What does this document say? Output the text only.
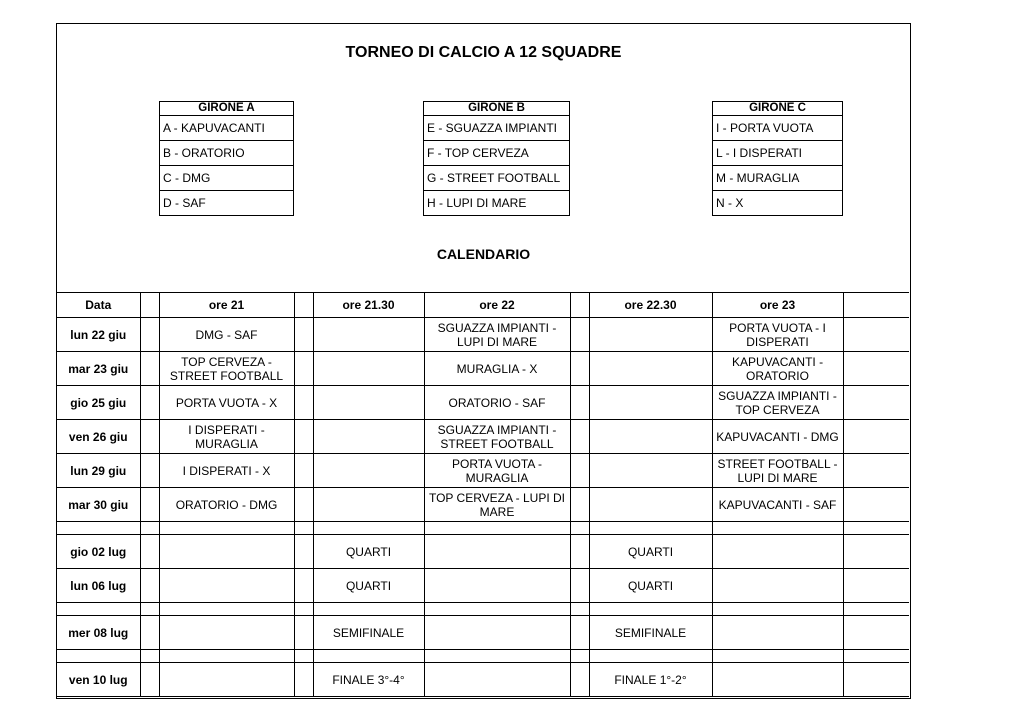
TORNEO DI CALCIO A 12 SQUADRE
GIRONE A
A - KAPUVACANTI
B - ORATORIO
C - DMG
D - SAF
GIRONE B
E - SGUAZZA IMPIANTI
F - TOP CERVEZA
G - STREET FOOTBALL
H - LUPI DI MARE
GIRONE C
I - PORTA VUOTA
L - I DISPERATI
M - MURAGLIA
N - X
CALENDARIO
Data		ore 21		ore 21.30	ore 22		ore 22.30	ore 23	
lun 22 giu		DMG - SAF			SGUAZZA IMPIANTI - LUPI DI MARE			PORTA VUOTA - I DISPERATI	
mar 23 giu		TOP CERVEZA - STREET FOOTBALL			MURAGLIA - X			KAPUVACANTI - ORATORIO	
gio 25 giu		PORTA VUOTA - X			ORATORIO - SAF			SGUAZZA IMPIANTI - TOP CERVEZA	
ven 26 giu		I DISPERATI - MURAGLIA			SGUAZZA IMPIANTI - STREET FOOTBALL			KAPUVACANTI - DMG	
lun 29 giu		I DISPERATI - X			PORTA VUOTA - MURAGLIA			STREET FOOTBALL - LUPI DI MARE	
mar 30 giu		ORATORIO - DMG			TOP CERVEZA - LUPI DI MARE			KAPUVACANTI - SAF	

gio 02 lug				QUARTI			QUARTI		
lun 06 lug				QUARTI			QUARTI		

mer 08 lug				SEMIFINALE			SEMIFINALE		

ven 10 lug				FINALE 3°-4°			FINALE 1°-2°		
